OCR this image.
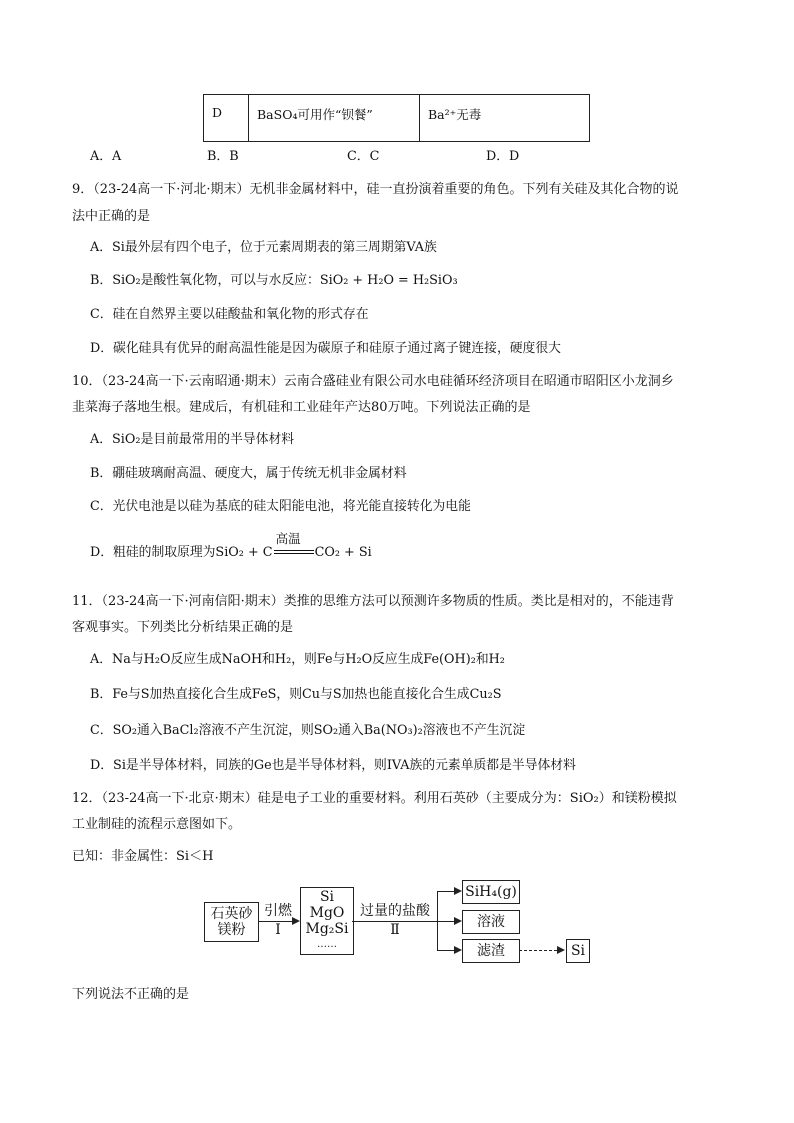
D	BaSO₄可用作“钡餐”	Ba²⁺无毒
A．A	B．B	C．C	D．D
9．（23-24高一下·河北·期末）无机非金属材料中，硅一直扮演着重要的角色。下列有关硅及其化合物的说
法中正确的是
A．Si最外层有四个电子，位于元素周期表的第三周期第VA族
B．SiO₂是酸性氧化物，可以与水反应：SiO₂ + H₂O = H₂SiO₃
C．硅在自然界主要以硅酸盐和氧化物的形式存在
D．碳化硅具有优异的耐高温性能是因为碳原子和硅原子通过离子键连接，硬度很大
10．（23-24高一下·云南昭通·期末）云南合盛硅业有限公司水电硅循环经济项目在昭通市昭阳区小龙洞乡
韭菜海子落地生根。建成后，有机硅和工业硅年产达80万吨。下列说法正确的是
A．SiO₂是目前最常用的半导体材料
B．硼硅玻璃耐高温、硬度大，属于传统无机非金属材料
C．光伏电池是以硅为基底的硅太阳能电池，将光能直接转化为电能
D．粗硅的制取原理为SiO₂ + C
高温
CO₂ + Si
11．（23-24高一下·河南信阳·期末）类推的思维方法可以预测许多物质的性质。类比是相对的，不能违背
客观事实。下列类比分析结果正确的是
A．Na与H₂O反应生成NaOH和H₂，则Fe与H₂O反应生成Fe(OH)₂和H₂
B．Fe与S加热直接化合生成FeS，则Cu与S加热也能直接化合生成Cu₂S
C．SO₂通入BaCl₂溶液不产生沉淀，则SO₂通入Ba(NO₃)₂溶液也不产生沉淀
D．Si是半导体材料，同族的Ge也是半导体材料，则IVA族的元素单质都是半导体材料
12．（23-24高一下·北京·期末）硅是电子工业的重要材料。利用石英砂（主要成分为：SiO₂）和镁粉模拟
工业制硅的流程示意图如下。
已知：非金属性：Si＜H
石英砂
镁粉
引燃
Ⅰ
Si
MgO
Mg₂Si
……
过量的盐酸
Ⅱ
SiH₄(g)
溶液
滤渣	Si
下列说法不正确的是
